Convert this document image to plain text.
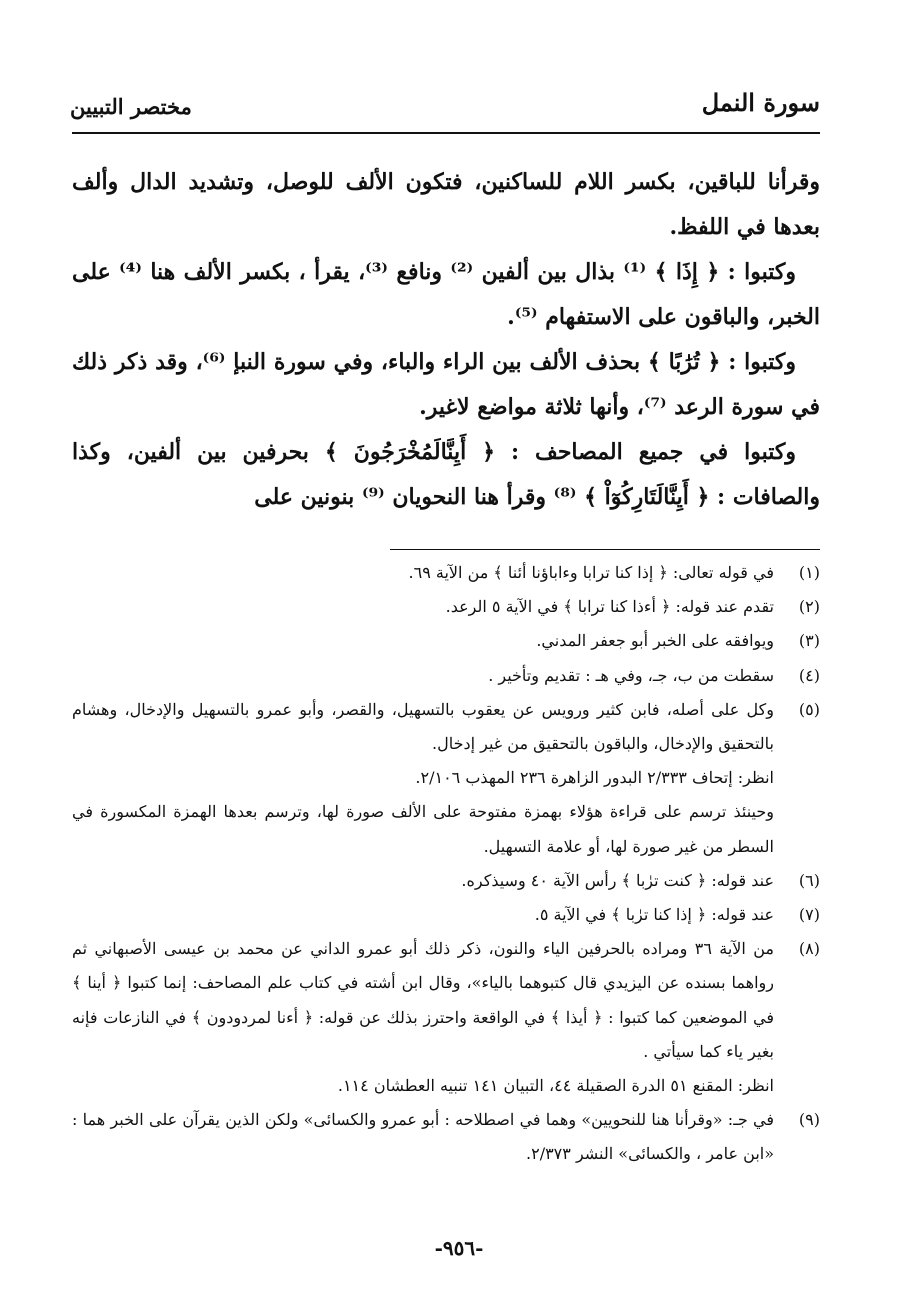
سورة النمل
مختصر التبيين

وقرأنا للباقين، بكسر اللام للساكنين، فتكون الألف للوصل، وتشديد الدال وألف بعدها في اللفظ.

وكتبوا : ﴿ إِذَا ﴾ ⁽¹⁾ بذال بين ألفين ⁽²⁾ ونافع ⁽³⁾، يقرأ ، بكسر الألف هنا ⁽⁴⁾ على الخبر، والباقون على الاستفهام ⁽⁵⁾.

وكتبوا : ﴿ تُرَٰبًا ﴾ بحذف الألف بين الراء والباء، وفي سورة النبإ ⁽⁶⁾، وقد ذكر ذلك في سورة الرعد ⁽⁷⁾، وأنها ثلاثة مواضع لاغير.

وكتبوا في جميع المصاحف : ﴿ أَيِنَّالَمُخْرَجُونَ ﴾ بحرفين بين ألفين، وكذا والصافات : ﴿ أَيِنَّالَتَارِكُوٓاْ ﴾ ⁽⁸⁾ وقرأ هنا النحويان ⁽⁹⁾ بنونين على

(١)
في قوله تعالى: ﴿ إذا كنا ترابا وءاباؤنا أئنا ﴾ من الآية ٦٩.
(٢)
تقدم عند قوله: ﴿ أءذا كنا ترابا ﴾ في الآية ٥ الرعد.
(٣)
ويوافقه على الخبر أبو جعفر المدني.
(٤)
سقطت من ب، جـ، وفي هـ : تقديم وتأخير .
(٥)
وكل على أصله، فابن كثير ورويس عن يعقوب بالتسهيل، والقصر، وأبو عمرو بالتسهيل والإدخال، وهشام بالتحقيق والإدخال، والباقون بالتحقيق من غير إدخال.
انظر: إتحاف ٢/٣٣٣ البدور الزاهرة ٢٣٦ المهذب ٢/١٠٦.
وحينئذ ترسم على قراءة هؤلاء بهمزة مفتوحة على الألف صورة لها، وترسم بعدها الهمزة المكسورة في السطر من غير صورة لها، أو علامة التسهيل.
(٦)
عند قوله: ﴿ كنت ترٰبا ﴾ رأس الآية ٤٠ وسيذكره.
(٧)
عند قوله: ﴿ إذا كنا ترٰبا ﴾ في الآية ٥.
(٨)
من الآية ٣٦ ومراده بالحرفين الياء والنون، ذكر ذلك أبو عمرو الداني عن محمد بن عيسى الأصبهاني ثم رواهما بسنده عن اليزيدي قال كتبوهما بالياء»، وقال ابن أشته في كتاب علم المصاحف: إنما كتبوا ﴿ أينا ﴾ في الموضعين كما كتبوا : ﴿ أيذا ﴾ في الواقعة واحترز بذلك عن قوله: ﴿ أءنا لمردودون ﴾ في النازعات فإنه بغير ياء كما سيأتي .
انظر: المقنع ٥١ الدرة الصقيلة ٤٤، التبيان ١٤١ تنبيه العطشان ١١٤.
(٩)
في جـ: «وقرأنا هنا للنحويين» وهما في اصطلاحه : أبو عمرو والكسائى» ولكن الذين يقرآن على الخبر هما : «ابن عامر ، والكسائى» النشر ٢/٣٧٣.
-٩٥٦-
